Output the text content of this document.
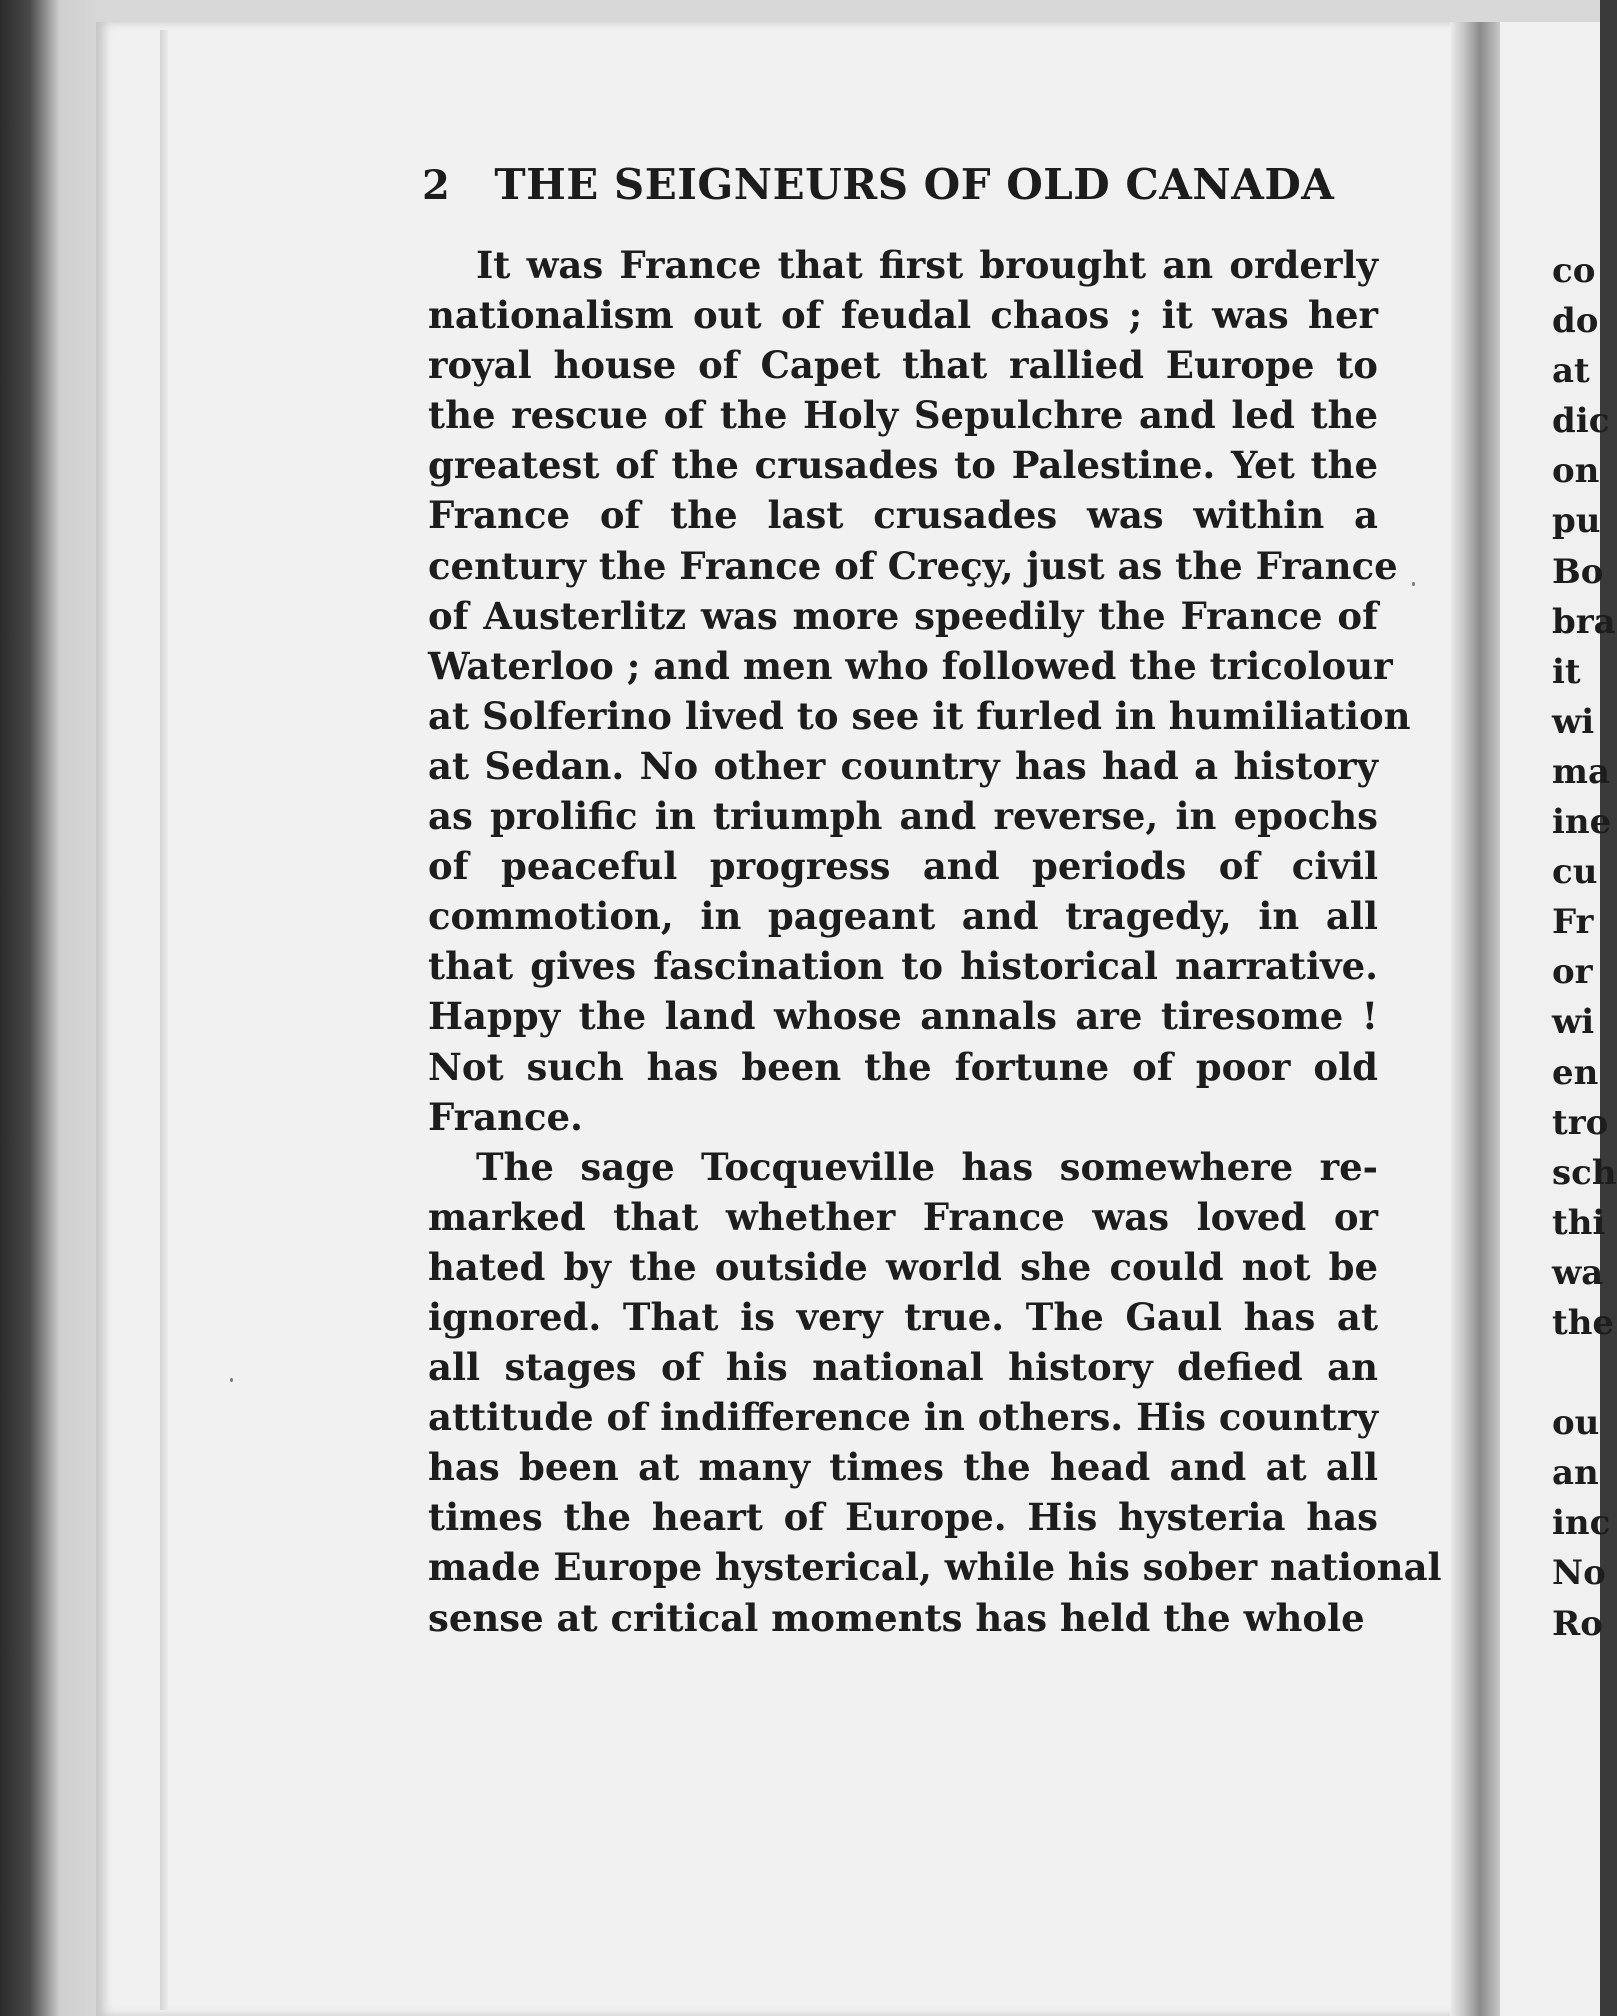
2 THE SEIGNEURS OF OLD CANADA
It was France that first brought an orderly
nationalism out of feudal chaos ; it was her
royal house of Capet that rallied Europe to
the rescue of the Holy Sepulchre and led the
greatest of the crusades to Palestine. Yet the
France of the last crusades was within a
century the France of Creçy, just as the France
of Austerlitz was more speedily the France of
Waterloo ; and men who followed the tricolour
at Solferino lived to see it furled in humiliation
at Sedan. No other country has had a history
as prolific in triumph and reverse, in epochs
of peaceful progress and periods of civil
commotion, in pageant and tragedy, in all
that gives fascination to historical narrative.
Happy the land whose annals are tiresome !
Not such has been the fortune of poor old
France.
The sage Tocqueville has somewhere re-
marked that whether France was loved or
hated by the outside world she could not be
ignored. That is very true. The Gaul has at
all stages of his national history defied an
attitude of indifference in others. His country
has been at many times the head and at all
times the heart of Europe. His hysteria has
made Europe hysterical, while his sober national
sense at critical moments has held the whole
co
do
at
dic
on
pu
Bo
bra
it
wi
ma
ine
cu
Fr
or
wi
en
tro
sch
thi
wa
the
ou
an
inc
No
Ro
